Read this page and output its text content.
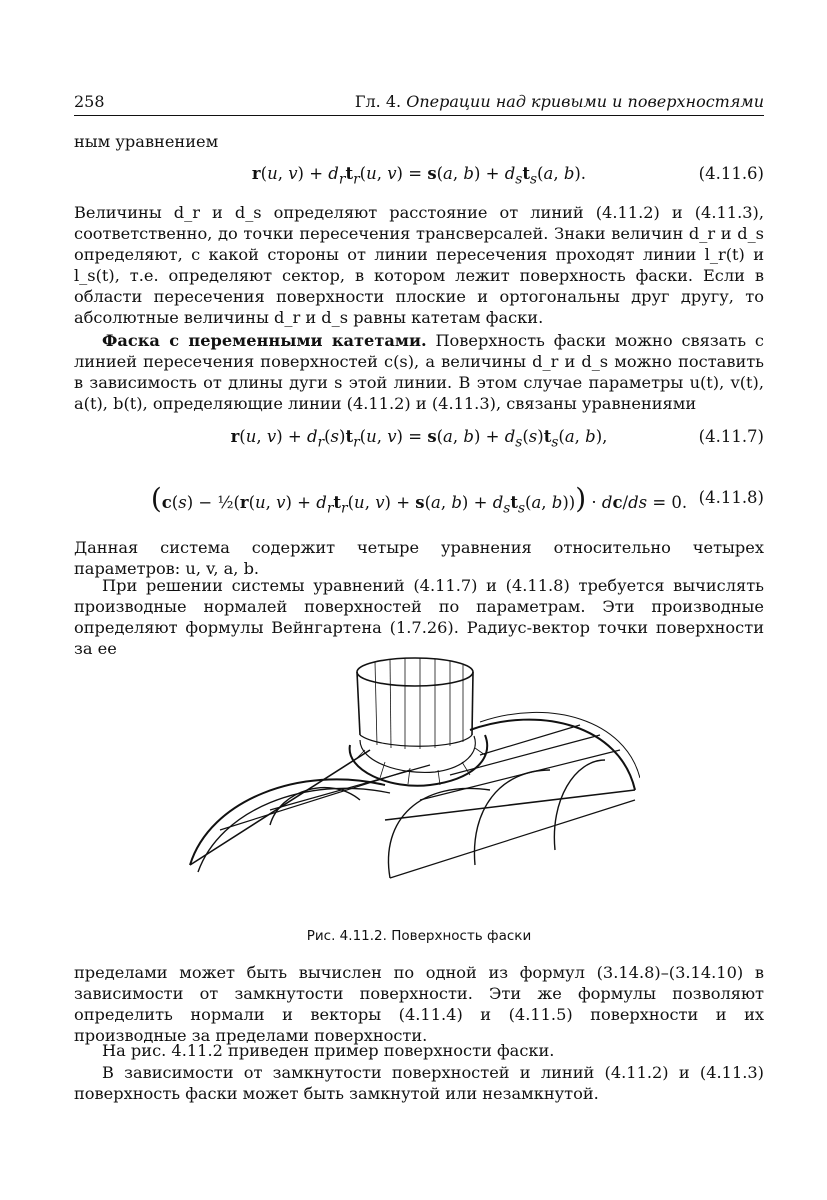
258	Гл. 4. Операции над кривыми и поверхностями

ным уравнением

r(u, $v) + d_rt_r(u$, v) = s(a, $b) + d_st_s(a$, b).	(4.11.6)

Величины d_r и d_s определяют расстояние от линий (4.11.2) и (4.11.3), соответственно, до точки пересечения трансверсалей. Знаки величин d_r и d_s определяют, с какой стороны от линии пересечения проходят линии l_r(t) и l_s(t), т.е. определяют сектор, в котором лежит поверхность фаски. Если в области пересечения поверхности плоские и ортогональны друг другу, то абсолютные величины d_r и d_s равны катетам фаски.

Фаска с переменными катетами. Поверхность фаски можно связать с линией пересечения поверхностей c(s), а величины d_r и d_s можно поставить в зависимость от длины дуги s этой линии. В этом случае параметры u(t), v(t), a(t), b(t), определяющие линии (4.11.2) и (4.11.3), связаны уравнениями

r(u, $v) + d_r(s)t_r(u$, v) = s(a, $b) + d_s(s)t_s(a$, b),	(4.11.7)
(c(s) − ½(r(u, $v) + d_rt_r(u$, v) + s(a, $b) + d_st_s(a$, b))) · dc/ds = 0. (4.11.8)

Данная система содержит четыре уравнения относительно четырех параметров: u, v, a, b.

При решении системы уравнений (4.11.7) и (4.11.8) требуется вычислять производные нормалей поверхностей по параметрам. Эти производные определяют формулы Вейнгартена (1.7.26). Радиус-вектор точки поверхности за ее

Рис. 4.11.2. Поверхность фаски

пределами может быть вычислен по одной из формул (3.14.8)–(3.14.10) в зависимости от замкнутости поверхности. Эти же формулы позволяют определить нормали и векторы (4.11.4) и (4.11.5) поверхности и их производные за пределами поверхности.

На рис. 4.11.2 приведен пример поверхности фаски.

В зависимости от замкнутости поверхностей и линий (4.11.2) и (4.11.3) поверхность фаски может быть замкнутой или незамкнутой.
